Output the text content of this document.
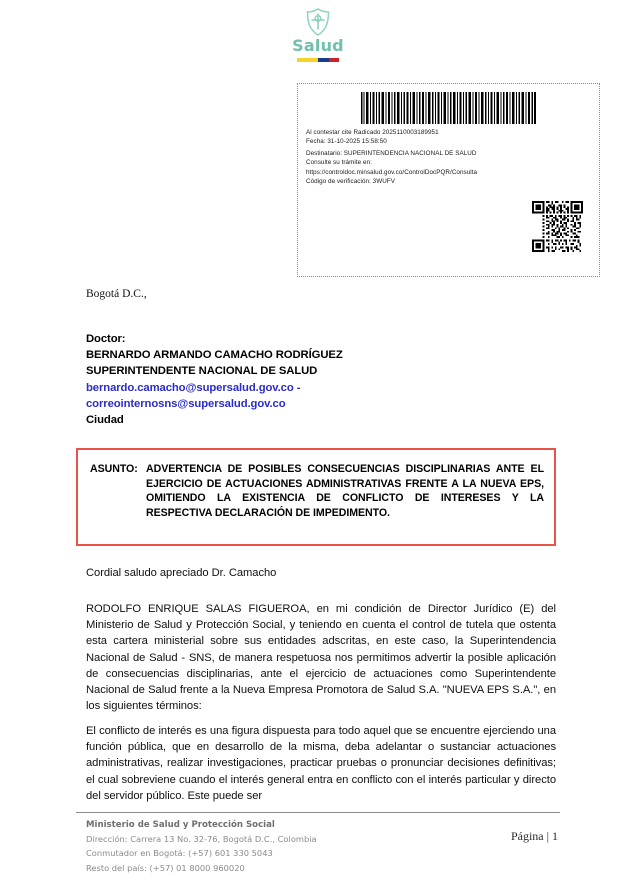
Salud
Al contestar cite Radicado 2025110003189951
Fecha: 31-10-2025 15:58:50
Destinatario: SUPERINTENDENCIA NACIONAL DE SALUD
Consulte su trámite en:
https://controldoc.minsalud.gov.co/ControlDocPQR/Consulta
Código de verificación: 3WUFV
Bogotá D.C.,
Doctor:
BERNARDO ARMANDO CAMACHO RODRÍGUEZ
SUPERINTENDENTE NACIONAL DE SALUD
bernardo.camacho@supersalud.gov.co -
correointernosns@supersalud.gov.co
Ciudad
ASUNTO: ADVERTENCIA DE POSIBLES CONSECUENCIAS DISCIPLINARIAS ANTE EL EJERCICIO DE ACTUACIONES ADMINISTRATIVAS FRENTE A LA NUEVA EPS, OMITIENDO LA EXISTENCIA DE CONFLICTO DE INTERESES Y LA RESPECTIVA DECLARACIÓN DE IMPEDIMENTO.
Cordial saludo apreciado Dr. Camacho
RODOLFO ENRIQUE SALAS FIGUEROA, en mi condición de Director Jurídico (E) del Ministerio de Salud y Protección Social, y teniendo en cuenta el control de tutela que ostenta esta cartera ministerial sobre sus entidades adscritas, en este caso, la Superintendencia Nacional de Salud - SNS, de manera respetuosa nos permitimos advertir la posible aplicación de consecuencias disciplinarias, ante el ejercicio de actuaciones como Superintendente Nacional de Salud frente a la Nueva Empresa Promotora de Salud S.A. "NUEVA EPS S.A.", en los siguientes términos:
El conflicto de interés es una figura dispuesta para todo aquel que se encuentre ejerciendo una función pública, que en desarrollo de la misma, deba adelantar o sustanciar actuaciones administrativas, realizar investigaciones, practicar pruebas o pronunciar decisiones definitivas; el cual sobreviene cuando el interés general entra en conflicto con el interés particular y directo del servidor público. Este puede ser
Ministerio de Salud y Protección Social
Dirección: Carrera 13 No. 32-76, Bogotá D.C., Colombia
Conmutador en Bogotá: (+57) 601 330 5043
Resto del país: (+57) 01 8000 960020
Página | 1
